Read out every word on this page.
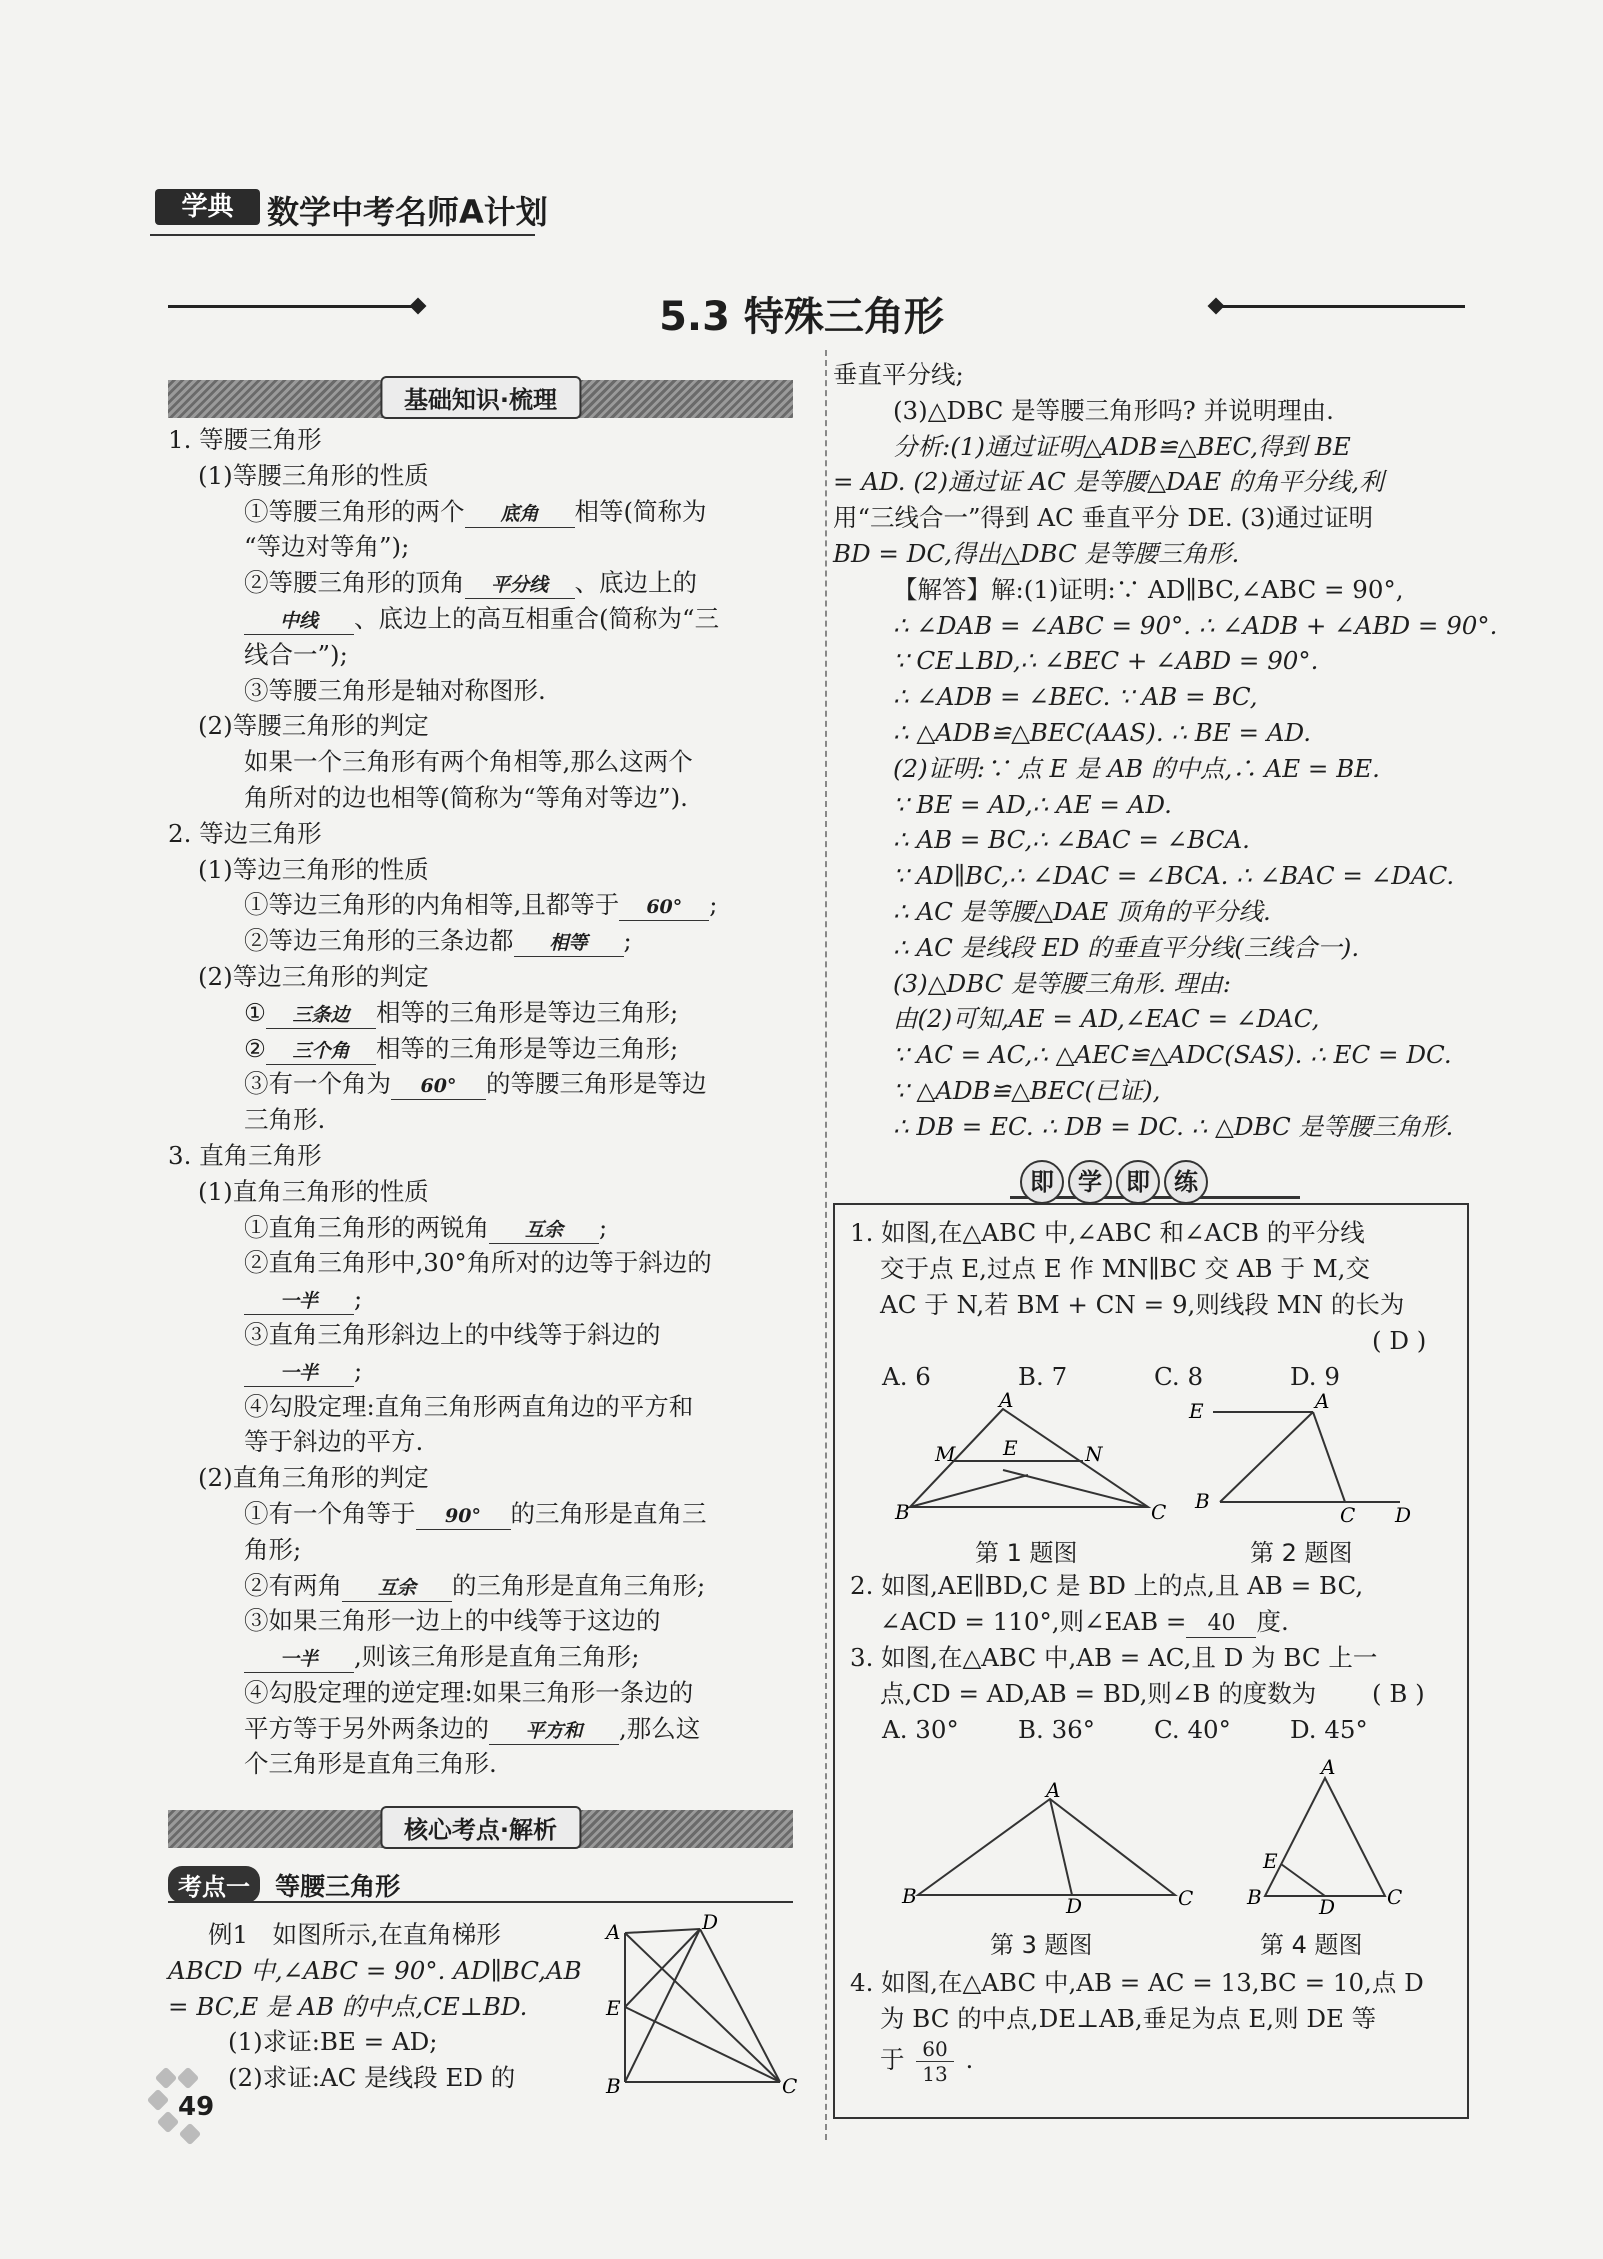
学典	数学中考名师A计划
5.3 特殊三角形
基础知识·梳理
1. 等腰三角形
(1)等腰三角形的性质
①等腰三角形的两个 底角 相等(简称为
“等边对等角”);
②等腰三角形的顶角 平分线 、底边上的
中线 、底边上的高互相重合(简称为“三
线合一”);
③等腰三角形是轴对称图形.
(2)等腰三角形的判定
如果一个三角形有两个角相等,那么这两个
角所对的边也相等(简称为“等角对等边”).
2. 等边三角形
(1)等边三角形的性质
①等边三角形的内角相等,且都等于 60° ;
②等边三角形的三条边都 相等 ;
(2)等边三角形的判定
① 三条边 相等的三角形是等边三角形;
② 三个角 相等的三角形是等边三角形;
③有一个角为 60° 的等腰三角形是等边
三角形.
3. 直角三角形
(1)直角三角形的性质
①直角三角形的两锐角 互余 ;
②直角三角形中,30°角所对的边等于斜边的
一半 ;
③直角三角形斜边上的中线等于斜边的
一半 ;
④勾股定理:直角三角形两直角边的平方和
等于斜边的平方.
(2)直角三角形的判定
①有一个角等于 90° 的三角形是直角三
角形;
②有两角 互余 的三角形是直角三角形;
③如果三角形一边上的中线等于这边的
一半 ,则该三角形是直角三角形;
④勾股定理的逆定理:如果三角形一条边的
平方等于另外两条边的 平方和 ,那么这
个三角形是直角三角形.
核心考点·解析
考点一 等腰三角形
例1　如图所示,在直角梯形
ABCD 中,∠ABC = 90°. AD∥BC,AB
= BC,E 是 AB 的中点,CE⊥BD.
(1)求证:BE = AD;
(2)求证:AC 是线段 ED 的
A	D
E
B	C
垂直平分线;
(3)△DBC 是等腰三角形吗? 并说明理由.
分析:(1)通过证明△ADB≌△BEC,得到 BE
= AD. (2)通过证 AC 是等腰△DAE 的角平分线,利
用“三线合一”得到 AC 垂直平分 DE. (3)通过证明
BD = DC,得出△DBC 是等腰三角形.
【解答】解:(1)证明:∵ AD∥BC,∠ABC = 90°,
∴ ∠DAB = ∠ABC = 90°. ∴ ∠ADB + ∠ABD = 90°.
∵ CE⊥BD,∴ ∠BEC + ∠ABD = 90°.
∴ ∠ADB = ∠BEC. ∵ AB = BC,
∴ △ADB≌△BEC(AAS). ∴ BE = AD.
(2)证明:∵ 点 E 是 AB 的中点,∴ AE = BE.
∵ BE = AD,∴ AE = AD.
∴ AB = BC,∴ ∠BAC = ∠BCA.
∵ AD∥BC,∴ ∠DAC = ∠BCA. ∴ ∠BAC = ∠DAC.
∴ AC 是等腰△DAE 顶角的平分线.
∴ AC 是线段 ED 的垂直平分线(三线合一).
(3)△DBC 是等腰三角形. 理由:
由(2)可知,AE = AD,∠EAC = ∠DAC,
∵ AC = AC,∴ △AEC≌△ADC(SAS). ∴ EC = DC.
∵ △ADB≌△BEC(已证),
∴ DB = EC. ∴ DB = DC. ∴ △DBC 是等腰三角形.
即 学 即 练
1. 如图,在△ABC 中,∠ABC 和∠ACB 的平分线
交于点 E,过点 E 作 MN∥BC 交 AB 于 M,交
AC 于 N,若 BM + CN = 9,则线段 MN 的长为
( D )
A. 6	B. 7	C. 8	D. 9
A
M E	N
B	C
E	A
B
C D
第 1 题图	第 2 题图
2. 如图,AE∥BD,C 是 BD 上的点,且 AB = BC,
∠ACD = 110°,则∠EAB = 40 度.
3. 如图,在△ABC 中,AB = AC,且 D 为 BC 上一
点,CD = AD,AB = BD,则∠B 的度数为	( B )
A. 30° B. 36° C. 40° D. 45°
A
B	D	C
A
E
B	D	C
第 3 题图	第 4 题图
4. 如图,在△ABC 中,AB = AC = 13,BC = 10,点 D
为 BC 的中点,DE⊥AB,垂足为点 E,则 DE 等
于 $\frac{60}{13}$ .
49
